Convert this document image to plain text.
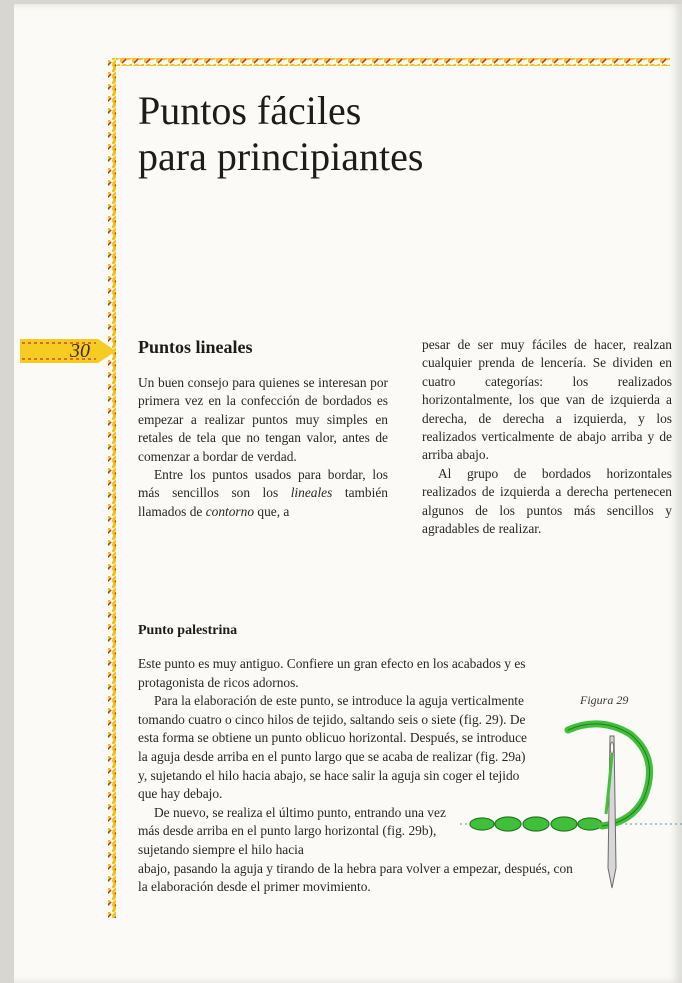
Puntos fáciles
para principiantes
30	Puntos lineales

Un buen consejo para quienes se interesan por primera vez en la confección de bordados es empezar a realizar puntos muy simples en retales de tela que no tengan valor, antes de comenzar a bordar de verdad.

Entre los puntos usados para bordar, los más sencillos son los lineales también llamados de contorno que, a

pesar de ser muy fáciles de hacer, realzan cualquier prenda de lencería. Se dividen en cuatro categorías: los realizados horizontalmente, los que van de izquierda a derecha, de derecha a izquierda, y los realizados verticalmente de abajo arriba y de arriba abajo.

Al grupo de bordados horizontales realizados de izquierda a derecha pertenecen algunos de los puntos más sencillos y agradables de realizar.

Punto palestrina

Este punto es muy antiguo. Confiere un gran efecto en los acabados y es protagonista de ricos adornos.

Para la elaboración de este punto, se introduce la aguja verticalmente tomando cuatro o cinco hilos de tejido, saltando seis o siete (fig. 29). De esta forma se obtiene un punto oblicuo horizontal. Después, se introduce la aguja desde arriba en el punto largo que se acaba de realizar (fig. 29a) y, sujetando el hilo hacia abajo, se hace salir la aguja sin coger el tejido que hay debajo.

De nuevo, se realiza el último punto, entrando una vez más desde arriba en el punto largo horizontal (fig. 29b), sujetando siempre el hilo hacia

abajo, pasando la aguja y tirando de la hebra para volver a empezar, después, con la elaboración desde el primer movimiento.

Figura 29
